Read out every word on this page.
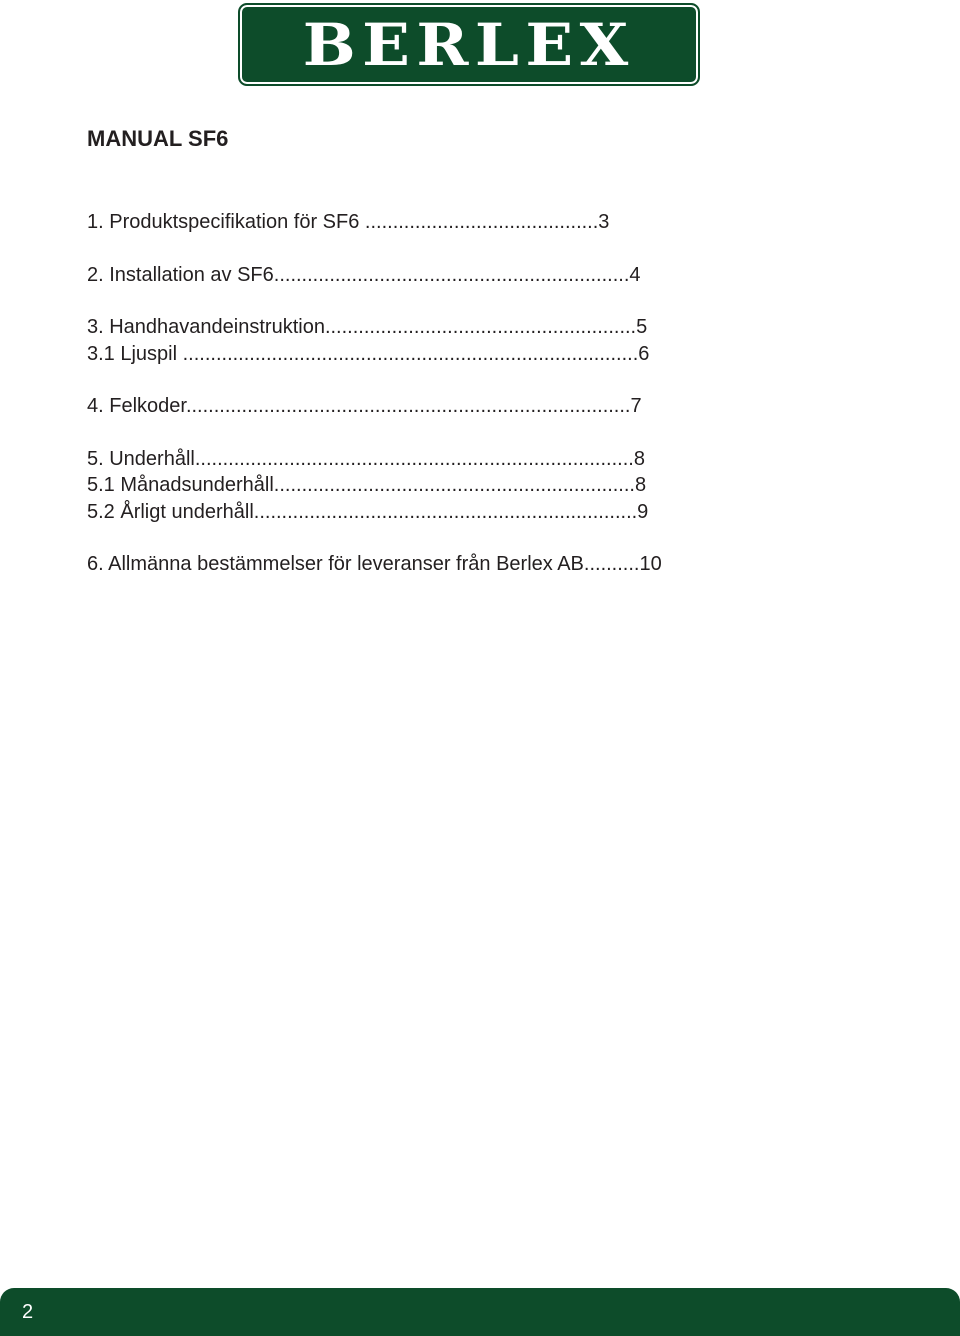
BERLEX
MANUAL SF6
1. Produktspecifikation för SF6 ..........................................3
2. Installation av SF6................................................................4
3. Handhavandeinstruktion........................................................5
3.1 Ljuspil ..................................................................................6
4. Felkoder................................................................................7
5. Underhåll...............................................................................8
5.1 Månadsunderhåll.................................................................8
5.2 Årligt underhåll.....................................................................9
6. Allmänna bestämmelser för leveranser från Berlex AB..........10
2
